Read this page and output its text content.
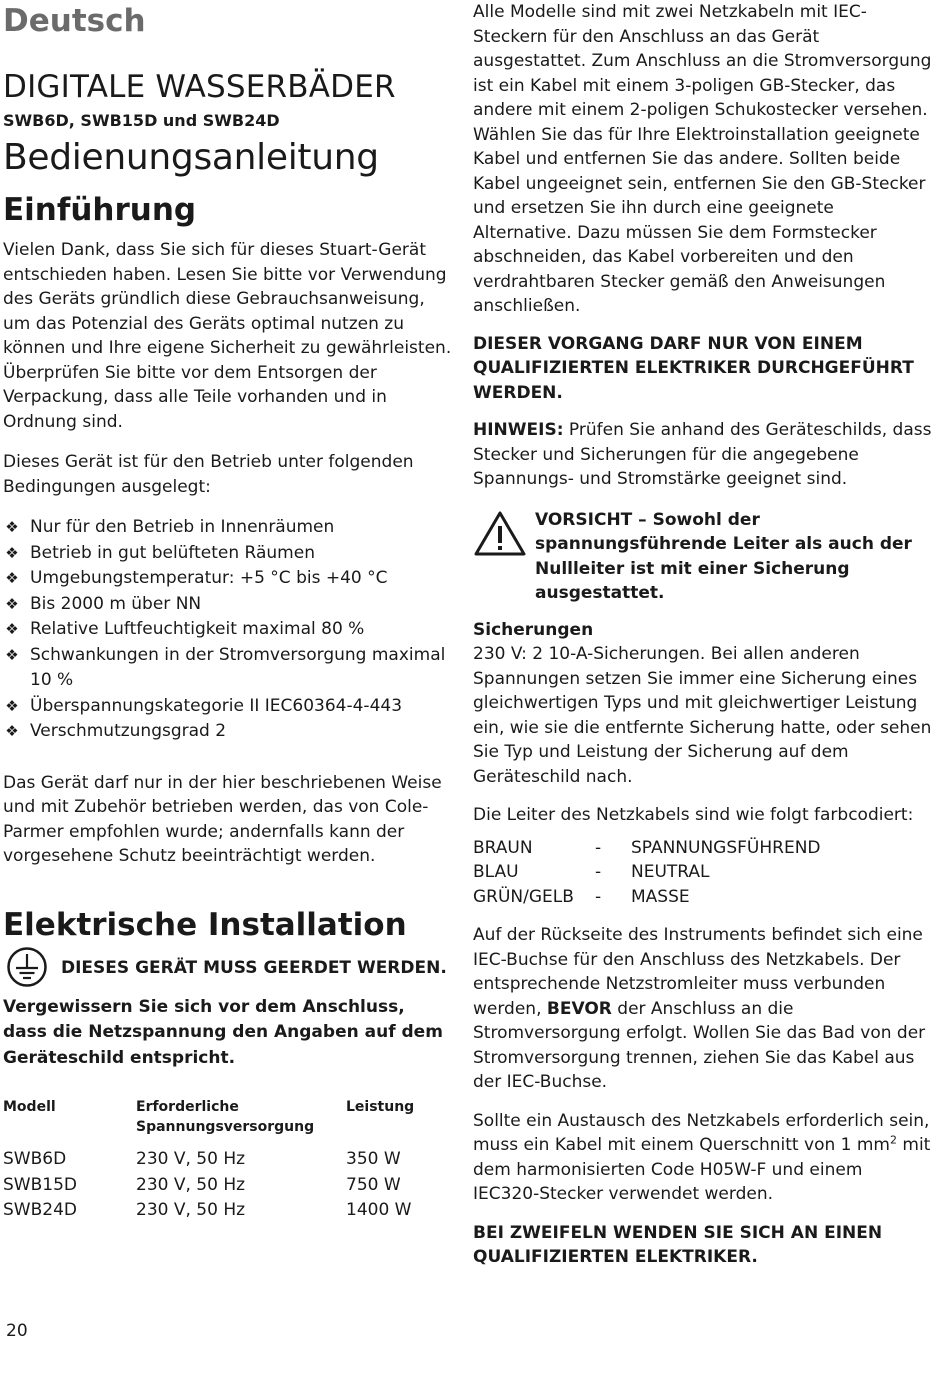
Deutsch
DIGITALE WASSERBÄDER
SWB6D, SWB15D und SWB24D
Bedienungsanleitung
Einführung

Vielen Dank, dass Sie sich für dieses Stuart-Gerät entschieden haben. Lesen Sie bitte vor Verwendung des Geräts gründlich diese Gebrauchsanweisung, um das Potenzial des Geräts optimal nutzen zu können und Ihre eigene Sicherheit zu gewährleisten. Überprüfen Sie bitte vor dem Entsorgen der Verpackung, dass alle Teile vorhanden und in Ordnung sind.

Dieses Gerät ist für den Betrieb unter folgenden Bedingungen ausgelegt:

❖ Nur für den Betrieb in Innenräumen
❖ Betrieb in gut belüfteten Räumen
❖ Umgebungstemperatur: +5 °C bis +40 °C
❖ Bis 2000 m über NN
❖ Relative Luftfeuchtigkeit maximal 80 %
❖ Schwankungen in der Stromversorgung maximal 10 %
❖ Überspannungskategorie II IEC60364-4-443
❖ Verschmutzungsgrad 2

Das Gerät darf nur in der hier beschriebenen Weise und mit Zubehör betrieben werden, das von Cole-Parmer empfohlen wurde; andernfalls kann der vorgesehene Schutz beeinträchtigt werden.

Elektrische Installation
DIESES GERÄT MUSS GEERDET WERDEN.

Vergewissern Sie sich vor dem Anschluss, dass die Netzspannung den Angaben auf dem Geräteschild entspricht.

Modell	Erforderliche Spannungsversorgung	Leistung
SWB6D	230 V, 50 Hz	350 W
SWB15D	230 V, 50 Hz	750 W
SWB24D	230 V, 50 Hz	1400 W

Alle Modelle sind mit zwei Netzkabeln mit IEC-Steckern für den Anschluss an das Gerät ausgestattet. Zum Anschluss an die Stromversorgung ist ein Kabel mit einem 3-poligen GB-Stecker, das andere mit einem 2-poligen Schukostecker versehen. Wählen Sie das für Ihre Elektroinstallation geeignete Kabel und entfernen Sie das andere. Sollten beide Kabel ungeeignet sein, entfernen Sie den GB-Stecker und ersetzen Sie ihn durch eine geeignete Alternative. Dazu müssen Sie dem Formstecker abschneiden, das Kabel vorbereiten und den verdrahtbaren Stecker gemäß den Anweisungen anschließen.

DIESER VORGANG DARF NUR VON EINEM QUALIFIZIERTEN ELEKTRIKER DURCHGEFÜHRT WERDEN.

HINWEIS: Prüfen Sie anhand des Geräteschilds, dass Stecker und Sicherungen für die angegebene Spannungs- und Stromstärke geeignet sind.

VORSICHT – Sowohl der spannungsführende Leiter als auch der Nullleiter ist mit einer Sicherung ausgestattet.

Sicherungen

230 V: 2 10-A-Sicherungen. Bei allen anderen Spannungen setzen Sie immer eine Sicherung eines gleichwertigen Typs und mit gleichwertiger Leistung ein, wie sie die entfernte Sicherung hatte, oder sehen Sie Typ und Leistung der Sicherung auf dem Geräteschild nach.

Die Leiter des Netzkabels sind wie folgt farbcodiert:

BRAUN	-	SPANNUNGSFÜHREND
BLAU	-	NEUTRAL
GRÜN/GELB	-	MASSE

Auf der Rückseite des Instruments befindet sich eine IEC-Buchse für den Anschluss des Netzkabels. Der entsprechende Netzstromleiter muss verbunden werden, BEVOR der Anschluss an die Stromversorgung erfolgt. Wollen Sie das Bad von der Stromversorgung trennen, ziehen Sie das Kabel aus der IEC-Buchse.

Sollte ein Austausch des Netzkabels erforderlich sein, muss ein Kabel mit einem Querschnitt von 1 $mm^2$ mit dem harmonisierten Code H05W-F und einem IEC320-Stecker verwendet werden.

BEI ZWEIFELN WENDEN SIE SICH AN EINEN QUALIFIZIERTEN ELEKTRIKER.

20
